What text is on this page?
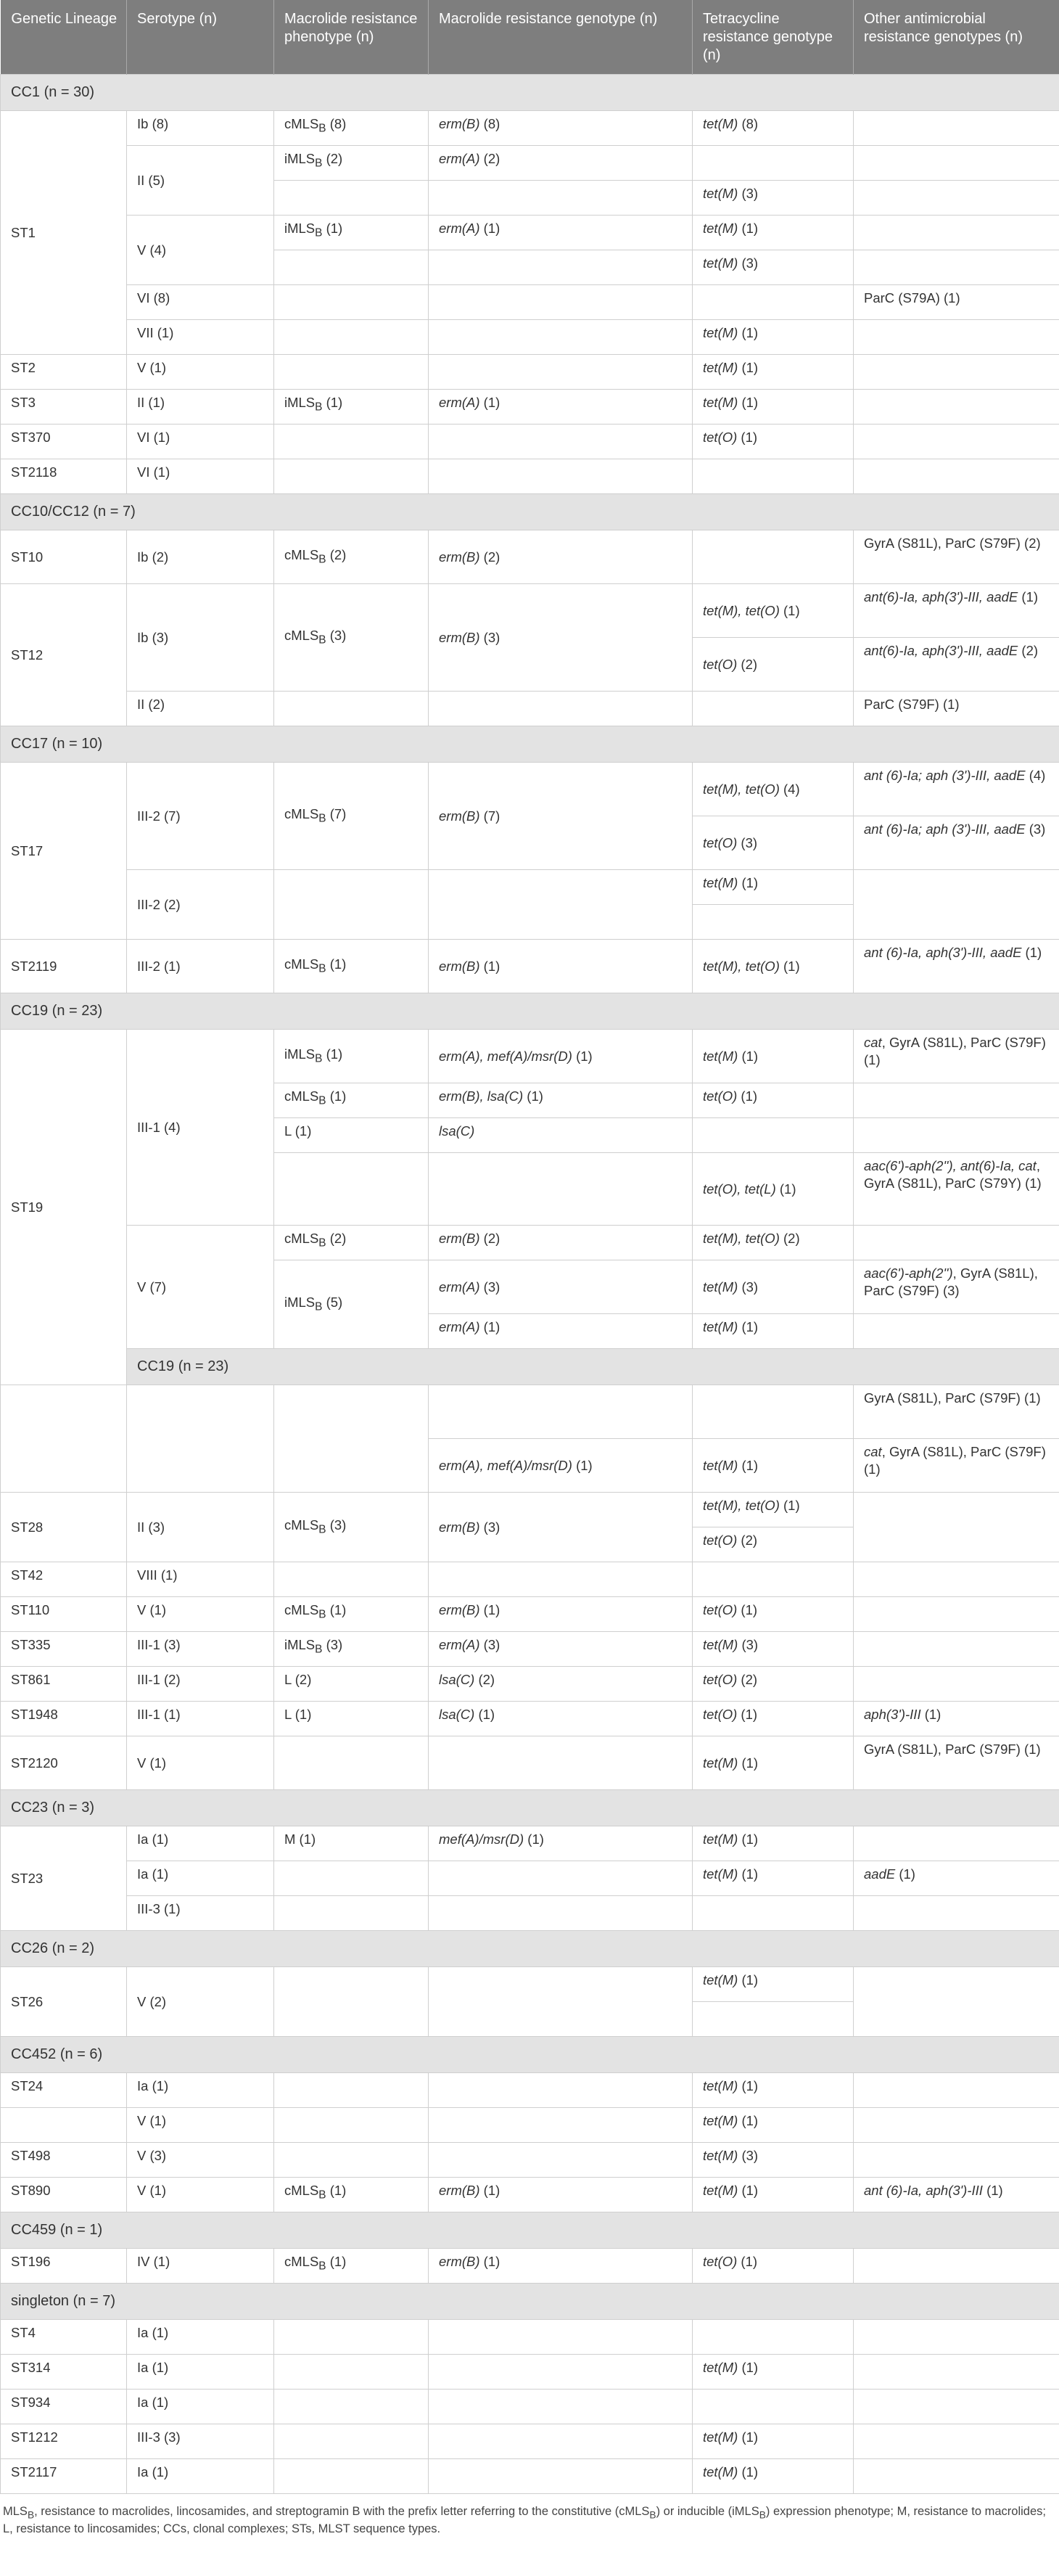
Genetic Lineage	Serotype (n)	Macrolide resistance phenotype (n)	Macrolide resistance genotype (n)	Tetracycline resistance genotype (n)	Other antimicrobial resistance genotypes (n)
CC1 (n = 30)					
ST1	Ib (8)	cMLS$_B$ (8)	erm(B) (8)	tet(M) (8)	
	II (5)	iMLS$_B$ (2)	erm(A) (2)		
				tet(M) (3)	
	V (4)	iMLS$_B$ (1)	erm(A) (1)	tet(M) (1)	
				tet(M) (3)	
	VI (8)				ParC (S79A) (1)
	VII (1)			tet(M) (1)	
ST2	V (1)			tet(M) (1)	
ST3	II (1)	iMLS$_B$ (1)	erm(A) (1)	tet(M) (1)	
ST370	VI (1)			tet(O) (1)	
ST2118	VI (1)				
CC10/CC12 (n = 7)					
ST10	Ib (2)	cMLS$_B$ (2)	erm(B) (2)		GyrA (S81L), ParC (S79F) (2)
ST12	Ib (3)	cMLS$_B$ (3)	erm(B) (3)	tet(M), tet(O) (1)	ant(6)-Ia, aph(3')-III, aadE (1)
				tet(O) (2)	ant(6)-Ia, aph(3')-III, aadE (2)
	II (2)				ParC (S79F) (1)
CC17 (n = 10)					
ST17	III-2 (7)	cMLS$_B$ (7)	erm(B) (7)	tet(M), tet(O) (4)	ant (6)-Ia; aph (3')-III, aadE (4)
				tet(O) (3)	ant (6)-Ia; aph (3')-III, aadE (3)
	III-2 (2)			tet(M) (1)	

ST2119	III-2 (1)	cMLS$_B$ (1)	erm(B) (1)	tet(M), tet(O) (1)	ant (6)-Ia, aph(3')-III, aadE (1)
CC19 (n = 23)					
ST19	III-1 (4)	iMLS$_B$ (1)	erm(A), mef(A)/msr(D) (1)	tet(M) (1)	cat, GyrA (S81L), ParC (S79F) (1)
		cMLS$_B$ (1)	erm(B), lsa(C) (1)	tet(O) (1)	
		L (1)	lsa(C)		
				tet(O), tet(L) (1)	aac(6')-aph(2''), ant(6)-Ia, cat, GyrA (S81L), ParC (S79Y) (1)
	V (7)	cMLS$_B$ (2)	erm(B) (2)	tet(M), tet(O) (2)	
		iMLS$_B$ (5)	erm(A) (3)	tet(M) (3)	aac(6')-aph(2''), GyrA (S81L), ParC (S79F) (3)
			erm(A) (1)	tet(M) (1)	
	CC19 (n = 23)				
					GyrA (S81L), ParC (S79F) (1)
			erm(A), mef(A)/msr(D) (1)	tet(M) (1)	cat, GyrA (S81L), ParC (S79F) (1)
ST28	II (3)	cMLS$_B$ (3)	erm(B) (3)	tet(M), tet(O) (1)	
				tet(O) (2)	
ST42	VIII (1)				
ST110	V (1)	cMLS$_B$ (1)	erm(B) (1)	tet(O) (1)	
ST335	III-1 (3)	iMLS$_B$ (3)	erm(A) (3)	tet(M) (3)	
ST861	III-1 (2)	L (2)	lsa(C) (2)	tet(O) (2)	
ST1948	III-1 (1)	L (1)	lsa(C) (1)	tet(O) (1)	aph(3')-III (1)
ST2120	V (1)			tet(M) (1)	GyrA (S81L), ParC (S79F) (1)
CC23 (n = 3)					
ST23	Ia (1)	M (1)	mef(A)/msr(D) (1)	tet(M) (1)	
	Ia (1)			tet(M) (1)	aadE (1)
	III-3 (1)				
CC26 (n = 2)					
ST26	V (2)			tet(M) (1)	

CC452 (n = 6)					
ST24	Ia (1)			tet(M) (1)	
	V (1)			tet(M) (1)	
ST498	V (3)			tet(M) (3)	
ST890	V (1)	cMLS$_B$ (1)	erm(B) (1)	tet(M) (1)	ant (6)-Ia, aph(3')-III (1)
CC459 (n = 1)					
ST196	IV (1)	cMLS$_B$ (1)	erm(B) (1)	tet(O) (1)	
singleton (n = 7)					
ST4	Ia (1)				
ST314	Ia (1)			tet(M) (1)	
ST934	Ia (1)				
ST1212	III-3 (3)			tet(M) (1)	
ST2117	Ia (1)			tet(M) (1)	
$MLS_B$, resistance to macrolides, lincosamides, and streptogramin B with the prefix letter referring to the constitutive (cMLS$_B$) or inducible (iMLS$_B$) expression phenotype; M, resistance to macrolides; L, resistance to lincosamides; CCs, clonal complexes; STs, MLST sequence types.
